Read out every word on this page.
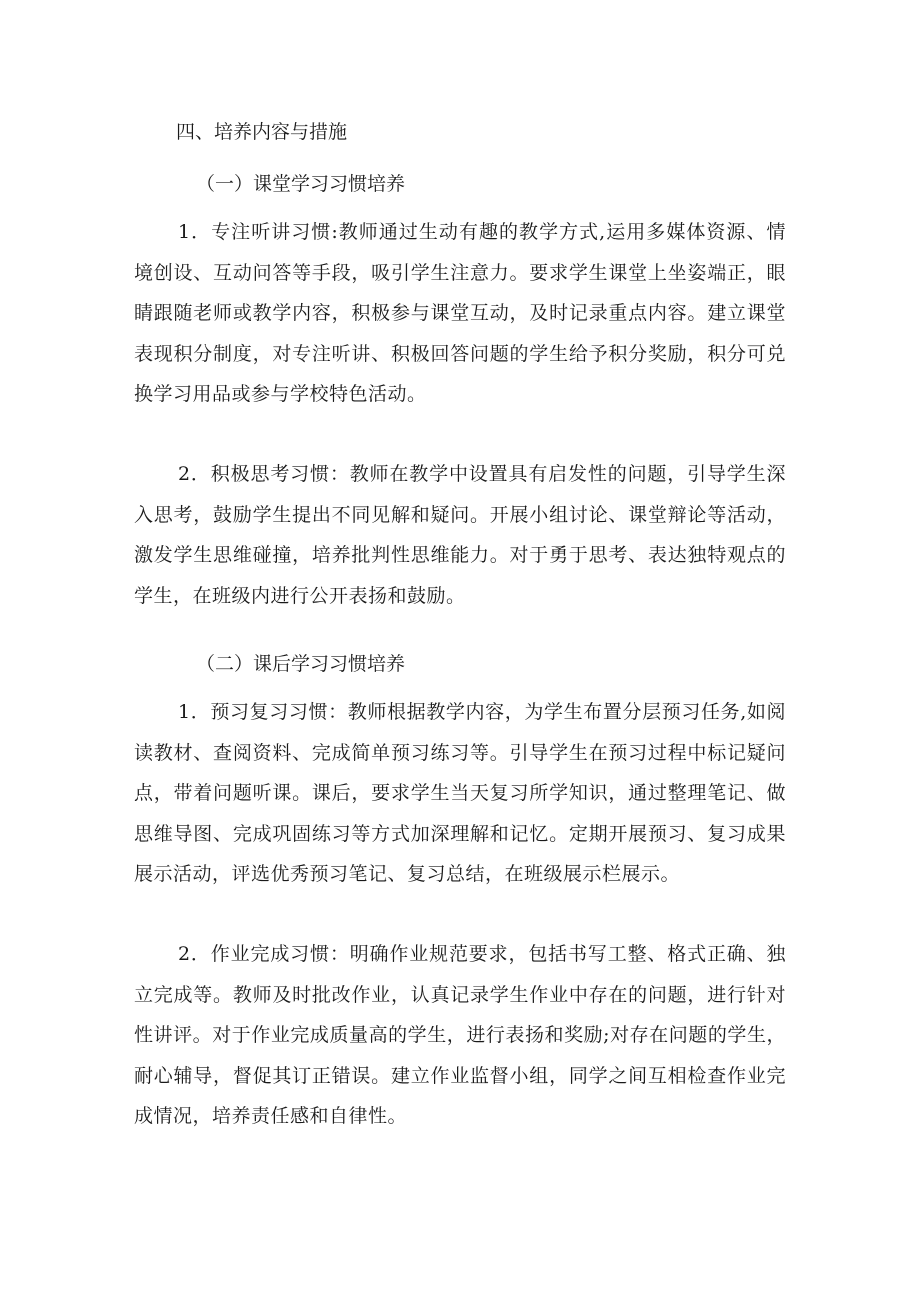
四、培养内容与措施
（一）课堂学习习惯培养

1．专注听讲习惯:教师通过生动有趣的教学方式,运用多媒体资源、情境创设、互动问答等手段，吸引学生注意力。要求学生课堂上坐姿端正，眼睛跟随老师或教学内容，积极参与课堂互动，及时记录重点内容。建立课堂表现积分制度，对专注听讲、积极回答问题的学生给予积分奖励，积分可兑换学习用品或参与学校特色活动。

2．积极思考习惯：教师在教学中设置具有启发性的问题，引导学生深入思考，鼓励学生提出不同见解和疑问。开展小组讨论、课堂辩论等活动，激发学生思维碰撞，培养批判性思维能力。对于勇于思考、表达独特观点的学生，在班级内进行公开表扬和鼓励。

（二）课后学习习惯培养

1．预习复习习惯：教师根据教学内容，为学生布置分层预习任务,如阅读教材、查阅资料、完成简单预习练习等。引导学生在预习过程中标记疑问点，带着问题听课。课后，要求学生当天复习所学知识，通过整理笔记、做思维导图、完成巩固练习等方式加深理解和记忆。定期开展预习、复习成果展示活动，评选优秀预习笔记、复习总结，在班级展示栏展示。

2．作业完成习惯：明确作业规范要求，包括书写工整、格式正确、独立完成等。教师及时批改作业，认真记录学生作业中存在的问题，进行针对性讲评。对于作业完成质量高的学生，进行表扬和奖励;对存在问题的学生，耐心辅导，督促其订正错误。建立作业监督小组，同学之间互相检查作业完成情况，培养责任感和自律性。
